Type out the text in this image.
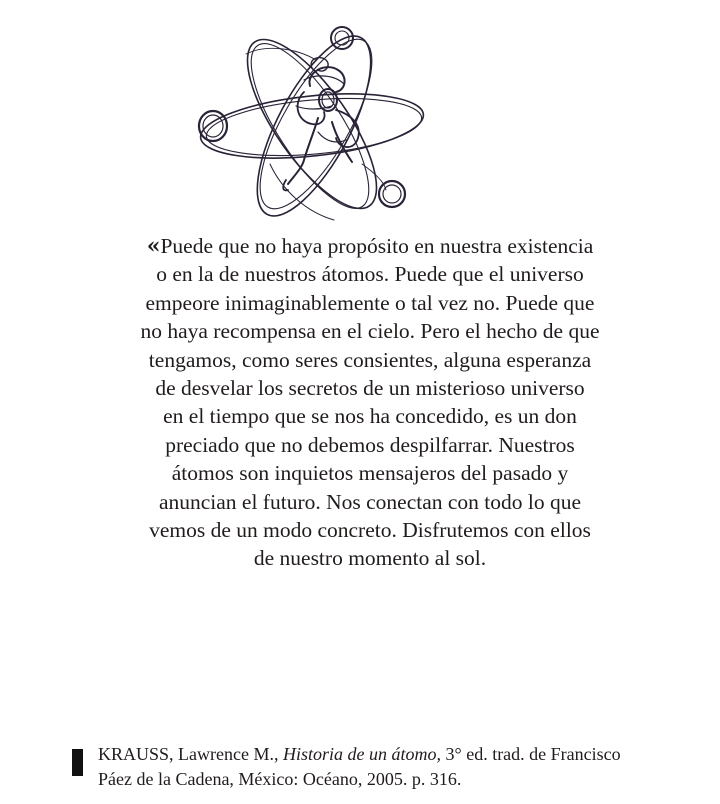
« Puede que no haya propósito en nuestra existencia
o en la de nuestros átomos. Puede que el universo
empeore inimaginablemente o tal vez no. Puede que
no haya recompensa en el cielo. Pero el hecho de que
tengamos, como seres consientes, alguna esperanza
de desvelar los secretos de un misterioso universo
en el tiempo que se nos ha concedido, es un don
preciado que no debemos despilfarrar. Nuestros
átomos son inquietos mensajeros del pasado y
anuncian el futuro. Nos conectan con todo lo que
vemos de un modo concreto. Disfrutemos con ellos
de nuestro momento al sol.
KRAUSS, Lawrence M., Historia de un átomo, 3° ed. trad. de Francisco
Páez de la Cadena, México: Océano, 2005. p. 316.
